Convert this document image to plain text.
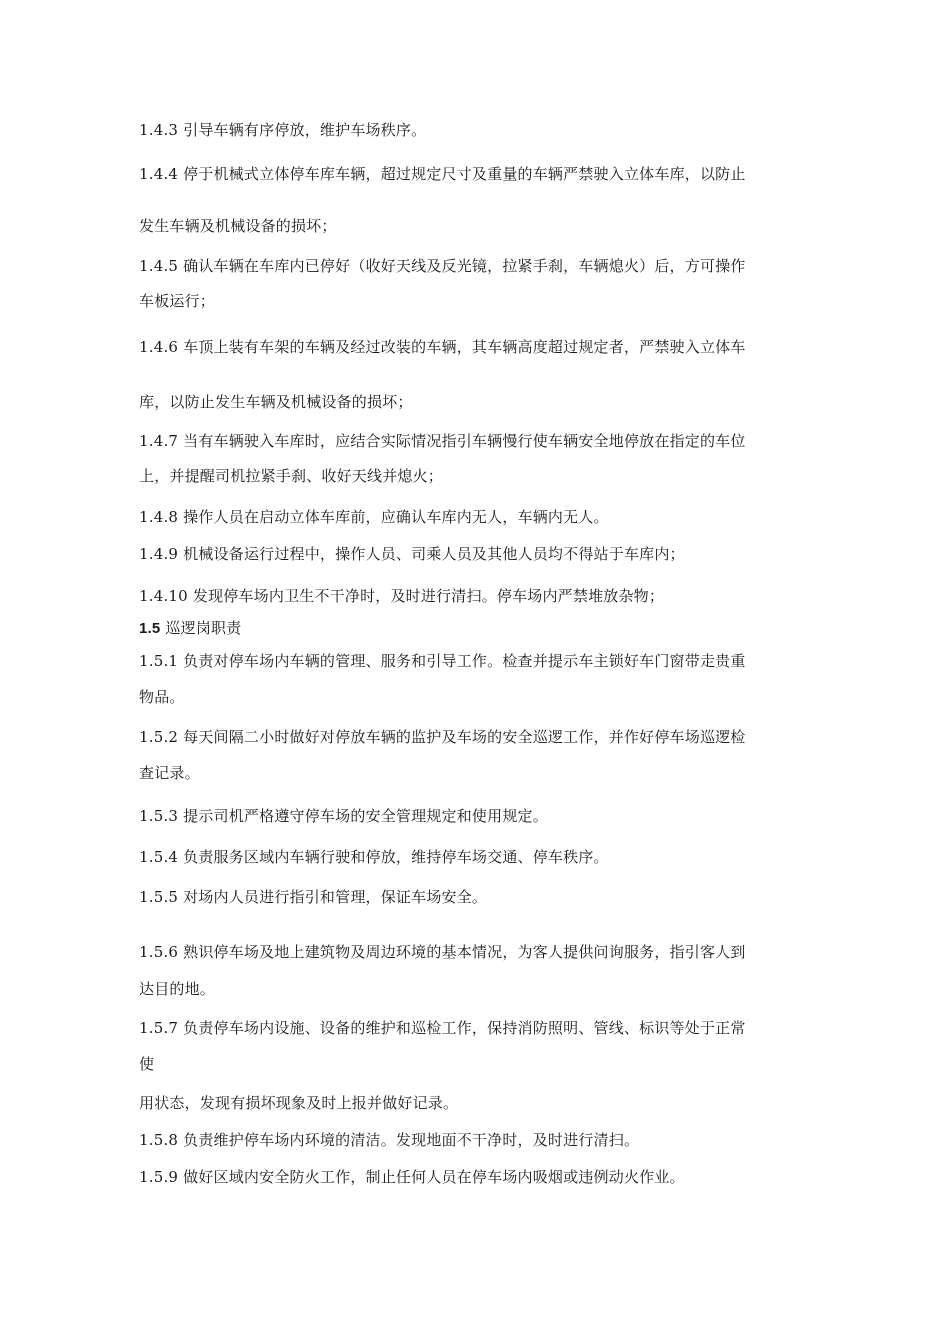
1.4.3 引导车辆有序停放，维护车场秩序。
1.4.4 停于机械式立体停车库车辆，超过规定尺寸及重量的车辆严禁驶入立体车库，以防止
发生车辆及机械设备的损坏；
1.4.5 确认车辆在车库内已停好（收好天线及反光镜，拉紧手刹，车辆熄火）后，方可操作
车板运行；
1.4.6 车顶上装有车架的车辆及经过改装的车辆，其车辆高度超过规定者，严禁驶入立体车
库，以防止发生车辆及机械设备的损坏；
1.4.7 当有车辆驶入车库时，应结合实际情况指引车辆慢行使车辆安全地停放在指定的车位
上，并提醒司机拉紧手刹、收好天线并熄火；
1.4.8 操作人员在启动立体车库前，应确认车库内无人，车辆内无人。
1.4.9 机械设备运行过程中，操作人员、司乘人员及其他人员均不得站于车库内；
1.4.10 发现停车场内卫生不干净时，及时进行清扫。停车场内严禁堆放杂物；
1.5 巡逻岗职责
1.5.1 负责对停车场内车辆的管理、服务和引导工作。检查并提示车主锁好车门窗带走贵重
物品。
1.5.2 每天间隔二小时做好对停放车辆的监护及车场的安全巡逻工作，并作好停车场巡逻检
查记录。
1.5.3 提示司机严格遵守停车场的安全管理规定和使用规定。
1.5.4 负责服务区域内车辆行驶和停放，维持停车场交通、停车秩序。
1.5.5 对场内人员进行指引和管理，保证车场安全。
1.5.6 熟识停车场及地上建筑物及周边环境的基本情况，为客人提供问询服务，指引客人到
达目的地。
1.5.7 负责停车场内设施、设备的维护和巡检工作，保持消防照明、管线、标识等处于正常
使
用状态，发现有损坏现象及时上报并做好记录。
1.5.8 负责维护停车场内环境的清洁。发现地面不干净时，及时进行清扫。
1.5.9 做好区域内安全防火工作，制止任何人员在停车场内吸烟或违例动火作业。
